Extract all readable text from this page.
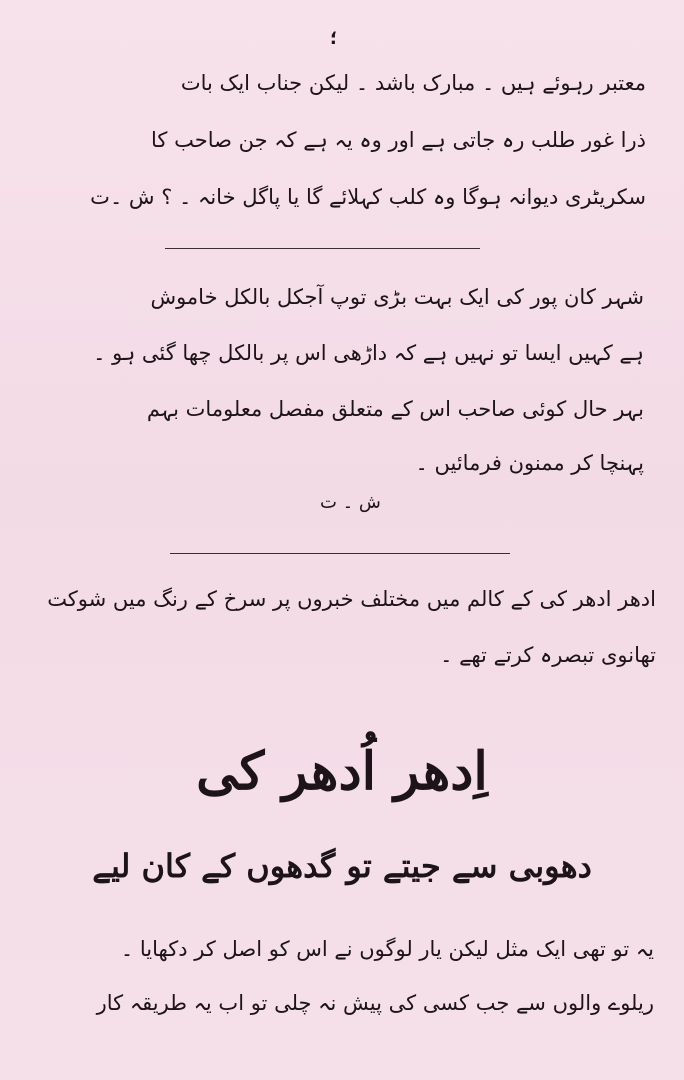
؛
معتبر رہوئے ہیں ۔ مبارک باشد ۔ لیکن جناب ایک بات
ذرا غور طلب رہ جاتی ہے اور وہ یہ ہے کہ جن صاحب کا
سکریٹری دیوانہ ہوگا وہ کلب کہلائے گا یا پاگل خانہ ۔ ؟ ش ۔ت
شہر کان پور کی ایک بہت بڑی توپ آجکل بالکل خاموش
ہے کہیں ایسا تو نہیں ہے کہ داڑھی اس پر بالکل چھا گئی ہو ۔
بہر حال کوئی صاحب اس کے متعلق مفصل معلومات بہم
پہنچا کر ممنون فرمائیں ۔
ش ۔ ت
ادھر ادھر کی کے کالم میں مختلف خبروں پر سرخ کے رنگ میں شوکت
تھانوی تبصرہ کرتے تھے ۔
اِدھر اُدھر کی
دھوبی سے جیتے تو گدھوں کے کان لیے
یہ تو تھی ایک مثل لیکن یار لوگوں نے اس کو اصل کر دکھایا ۔
ریلوے والوں سے جب کسی کی پیش نہ چلی تو اب یہ طریقہ کار
